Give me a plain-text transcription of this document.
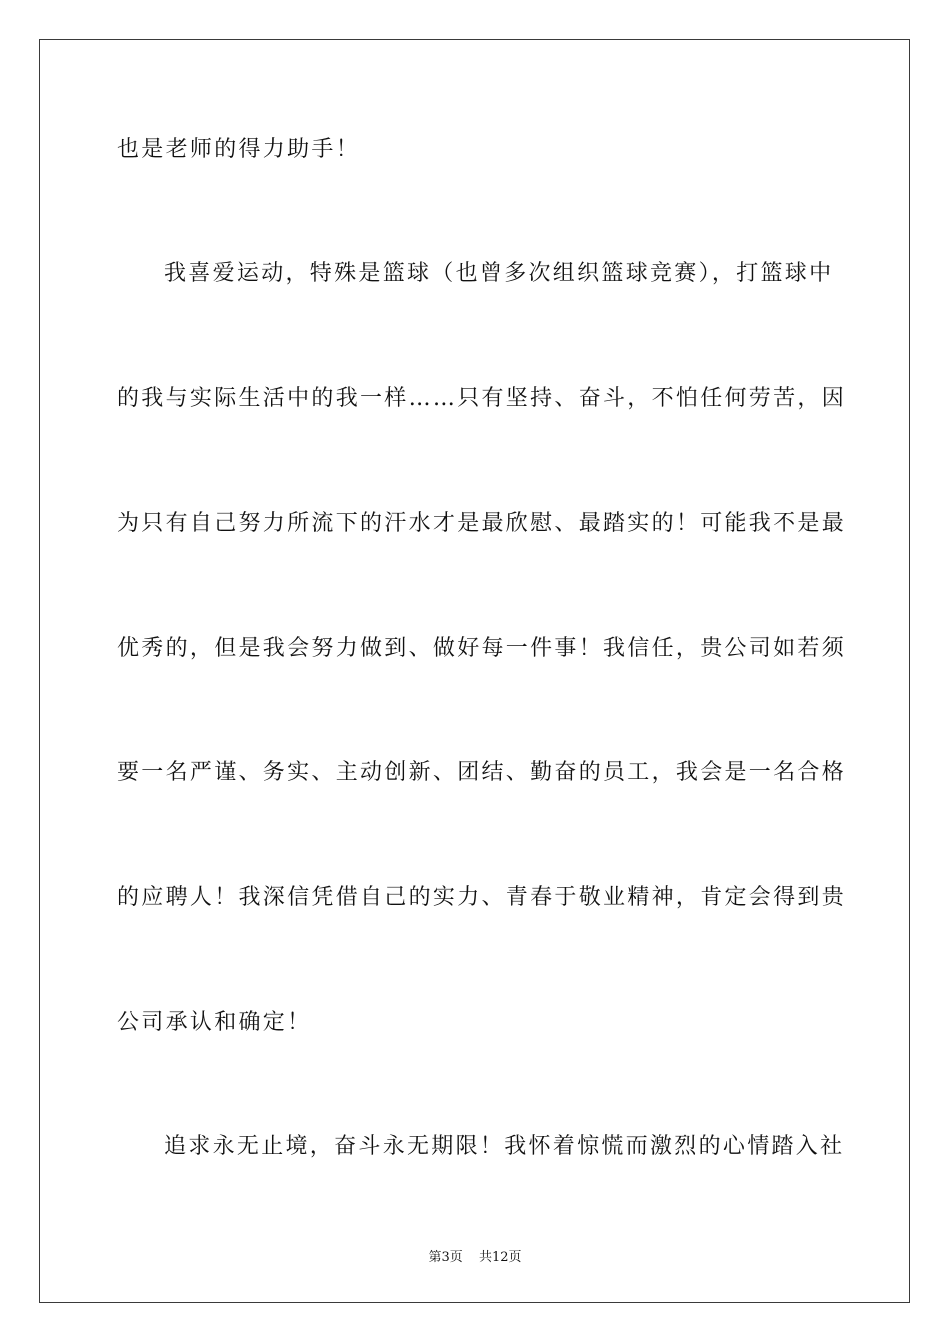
也是老师的得力助手！
我喜爱运动，特殊是篮球（也曾多次组织篮球竞赛），打篮球中
的我与实际生活中的我一样……只有坚持、奋斗，不怕任何劳苦，因
为只有自己努力所流下的汗水才是最欣慰、最踏实的！可能我不是最
优秀的，但是我会努力做到、做好每一件事！我信任，贵公司如若须
要一名严谨、务实、主动创新、团结、勤奋的员工，我会是一名合格
的应聘人！我深信凭借自己的实力、青春于敬业精神，肯定会得到贵
公司承认和确定！
追求永无止境，奋斗永无期限！我怀着惊慌而激烈的心情踏入社
第3页 共12页
